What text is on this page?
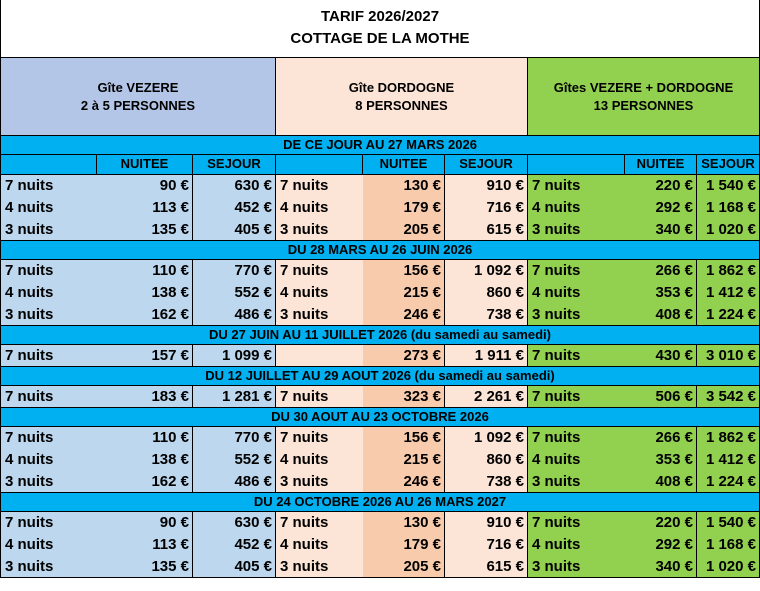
TARIF 2026/2027
COTTAGE DE LA MOTHE
Gîte VEZERE
2 à 5 PERSONNES
Gîte DORDOGNE
8 PERSONNES
Gîtes VEZERE + DORDOGNE
13 PERSONNES
DE CE JOUR AU 27 MARS 2026
NUITEE	SEJOUR	NUITEE	SEJOUR	NUITEE	SEJOUR
7 nuits	90 €	630 € 7 nuits	130 €	910 € 7 nuits	220 € 1 540 €
4 nuits	113 €	452 € 4 nuits	179 €	716 € 4 nuits	292 € 1 168 €
3 nuits	135 €	405 € 3 nuits	205 €	615 € 3 nuits	340 € 1 020 €
DU 28 MARS AU 26 JUIN 2026
7 nuits	110 €	770 € 7 nuits	156 €	1 092 € 7 nuits	266 € 1 862 €
4 nuits	138 €	552 € 4 nuits	215 €	860 € 4 nuits	353 € 1 412 €
3 nuits	162 €	486 € 3 nuits	246 €	738 € 3 nuits	408 € 1 224 €
DU 27 JUIN AU 11 JUILLET 2026 (du samedi au samedi)
7 nuits	157 €	1 099 €	273 €	1 911 € 7 nuits	430 € 3 010 €
DU 12 JUILLET AU 29 AOUT 2026 (du samedi au samedi)
7 nuits	183 €	1 281 € 7 nuits	323 €	2 261 € 7 nuits	506 € 3 542 €
DU 30 AOUT AU 23 OCTOBRE 2026
7 nuits	110 €	770 € 7 nuits	156 €	1 092 € 7 nuits	266 € 1 862 €
4 nuits	138 €	552 € 4 nuits	215 €	860 € 4 nuits	353 € 1 412 €
3 nuits	162 €	486 € 3 nuits	246 €	738 € 3 nuits	408 € 1 224 €
DU 24 OCTOBRE 2026 AU 26 MARS 2027
7 nuits	90 €	630 € 7 nuits	130 €	910 € 7 nuits	220 € 1 540 €
4 nuits	113 €	452 € 4 nuits	179 €	716 € 4 nuits	292 € 1 168 €
3 nuits	135 €	405 € 3 nuits	205 €	615 € 3 nuits	340 € 1 020 €
